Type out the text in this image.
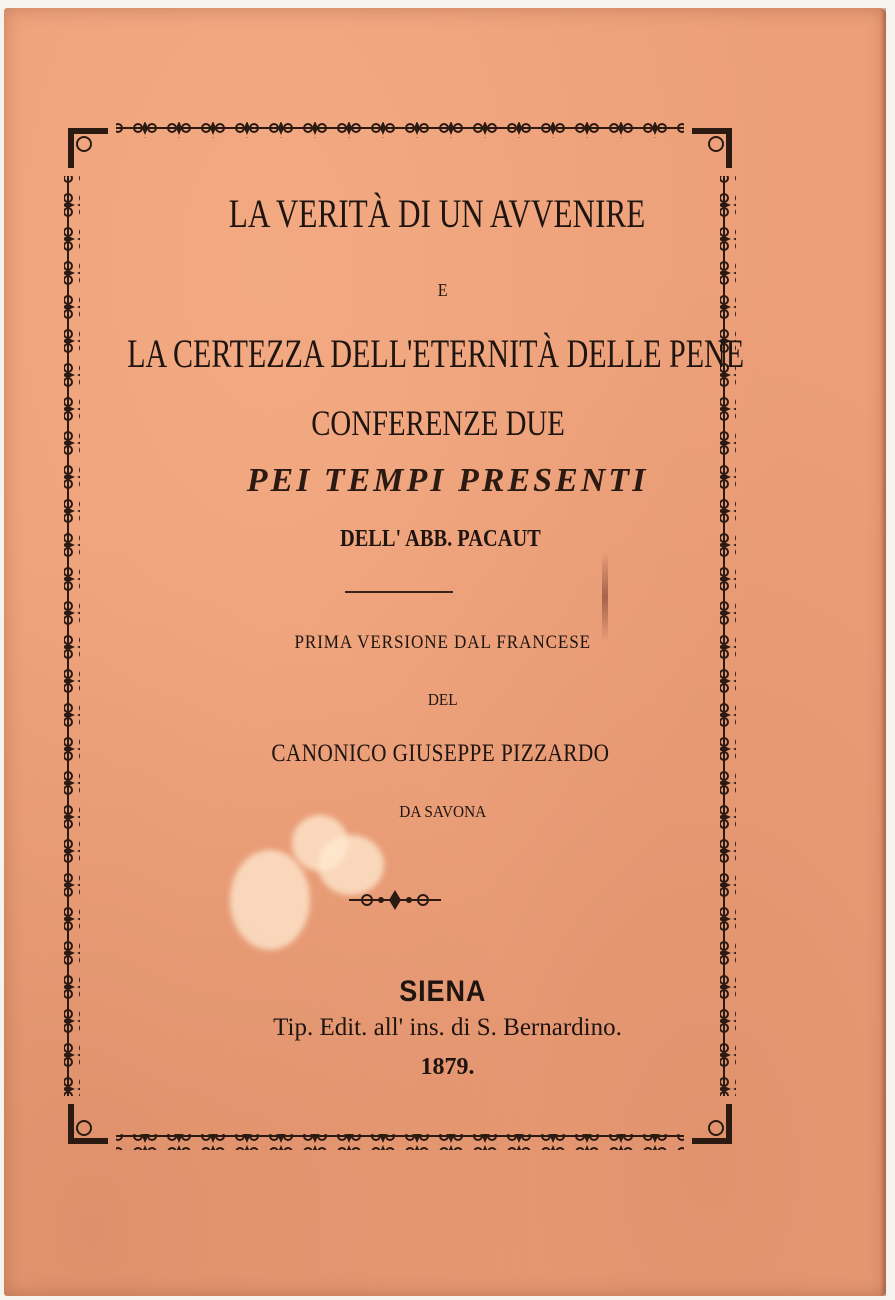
LA VERITÀ DI UN AVVENIRE
E
LA CERTEZZA DELL'ETERNITÀ DELLE PENE
CONFERENZE DUE
PEI TEMPI PRESENTI
DELL' ABB. PACAUT
PRIMA VERSIONE DAL FRANCESE
DEL
CANONICO GIUSEPPE PIZZARDO
DA SAVONA
SIENA
Tip. Edit. all' ins. di S. Bernardino.
1879.
